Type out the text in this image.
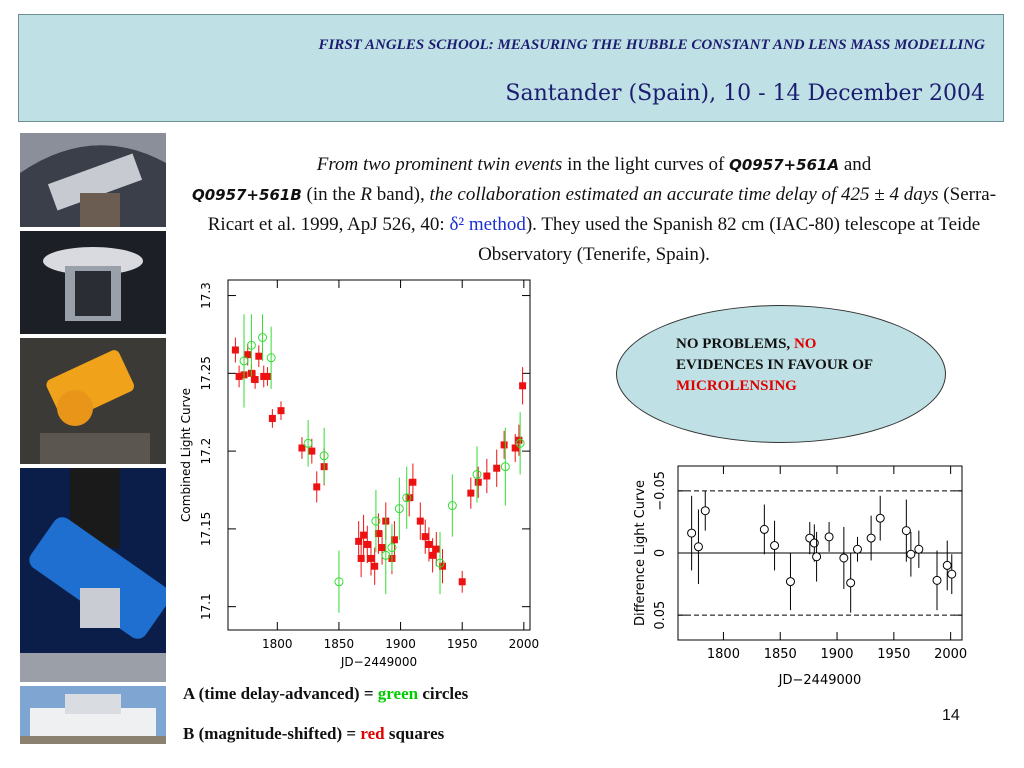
FIRST ANGLES SCHOOL: MEASURING THE HUBBLE CONSTANT AND LENS MASS MODELLING
Santander (Spain), 10 - 14 December 2004
From two prominent twin events in the light curves of Q0957+561A and
Q0957+561B (in the R band), the collaboration estimated an accurate time delay of 425 ± 4 days (Serra-Ricart et al. 1999, ApJ 526, 40: δ² method). They used the Spanish 82 cm (IAC-80) telescope at Teide Observatory (Tenerife, Spain).
1800	1850	1900	1950	2000
17.1
17.15
17.2
17.25
17.3
JD−2449000
Combined Light Curve
NO PROBLEMS, NO
EVIDENCES IN FAVOUR OF MICROLENSING
1800 1850 1900 1950 2000
−0.05
0
0.05
JD−2449000
Difference Light Curve
A (time delay-advanced) = green circles
B (magnitude-shifted) = red squares
14
